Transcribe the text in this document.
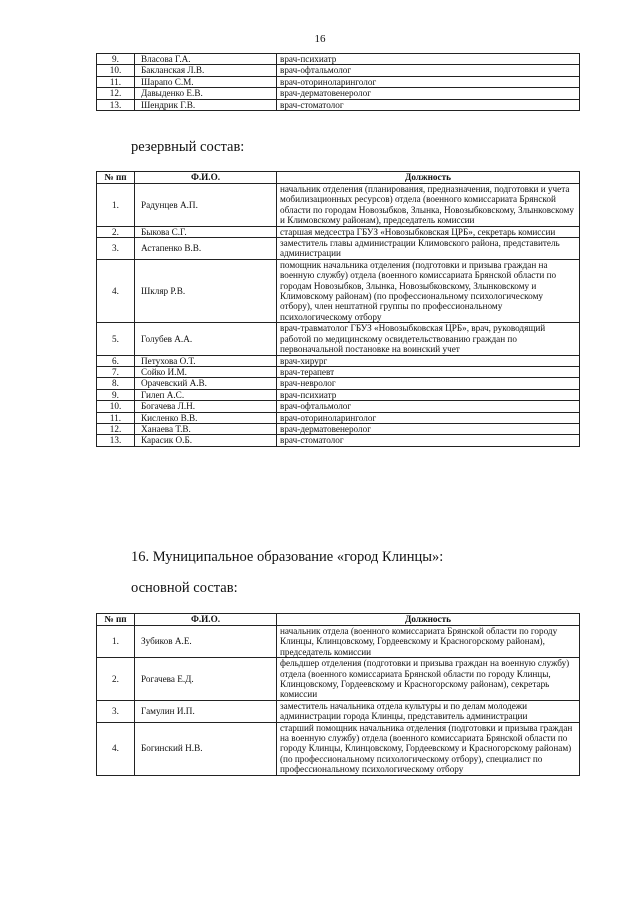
16
9.	Власова Г.А.	врач-психиатр
10.	Бакланская Л.В.	врач-офтальмолог
11.	Шарапо С.М.	врач-оториноларинголог
12.	Давыденко Е.В.	врач-дерматовенеролог
13.	Шендрик Г.В.	врач-стоматолог
резервный состав:
№ пп	Ф.И.О.	Должность
1.	Радунцев А.П.	начальник отделения (планирования, предназначения, подготовки и учета мобилизационных ресурсов) отдела (военного комиссариата Брянской области по городам Новозыбков, Злынка, Новозыбковскому, Злынковскому и Климовскому районам), председатель комиссии
2.	Быкова С.Г.	старшая медсестра ГБУЗ «Новозыбковская ЦРБ», секретарь комиссии
3.	Астапенко В.В.	заместитель главы администрации Климовского района, представитель администрации
4.	Шкляр Р.В.	помощник начальника отделения (подготовки и призыва граждан на военную службу) отдела (военного комиссариата Брянской области по городам Новозыбков, Злынка, Новозыбковскому, Злынковскому и Климовскому районам) (по профессиональному психологическому отбору), член нештатной группы по профессиональному психологическому отбору
5.	Голубев А.А.	врач-травматолог ГБУЗ «Новозыбковская ЦРБ», врач, руководящий работой по медицинскому освидетельствованию граждан по первоначальной постановке на воинский учет
6.	Петухова О.Т.	врач-хирург
7.	Сойко И.М.	врач-терапевт
8.	Орачевский А.В.	врач-невролог
9.	Гилеп А.С.	врач-психиатр
10.	Богачева Л.Н.	врач-офтальмолог
11.	Кисленко В.В.	врач-оториноларинголог
12.	Ханаева Т.В.	врач-дерматовенеролог
13.	Карасик О.Б.	врач-стоматолог
16. Муниципальное образование «город Клинцы»:
основной состав:
№ пп	Ф.И.О.	Должность
1.	Зубиков А.Е.	начальник отдела (военного комиссариата Брянской области по городу Клинцы, Клинцовскому, Гордеевскому и Красногорскому районам), председатель комиссии
2.	Рогачева Е.Д.	фельдшер отделения (подготовки и призыва граждан на военную службу) отдела (военного комиссариата Брянской области по городу Клинцы, Клинцовскому, Гордеевскому и Красногорскому районам), секретарь комиссии
3.	Гамулин И.П.	заместитель начальника отдела культуры и по делам молодежи администрации города Клинцы, представитель администрации
4.	Богинский Н.В.	старший помощник начальника отделения (подготовки и призыва граждан на военную службу) отдела (военного комиссариата Брянской области по городу Клинцы, Клинцовскому, Гордеевскому и Красногорскому районам) (по профессиональному психологическому отбору), специалист по профессиональному психологическому отбору
